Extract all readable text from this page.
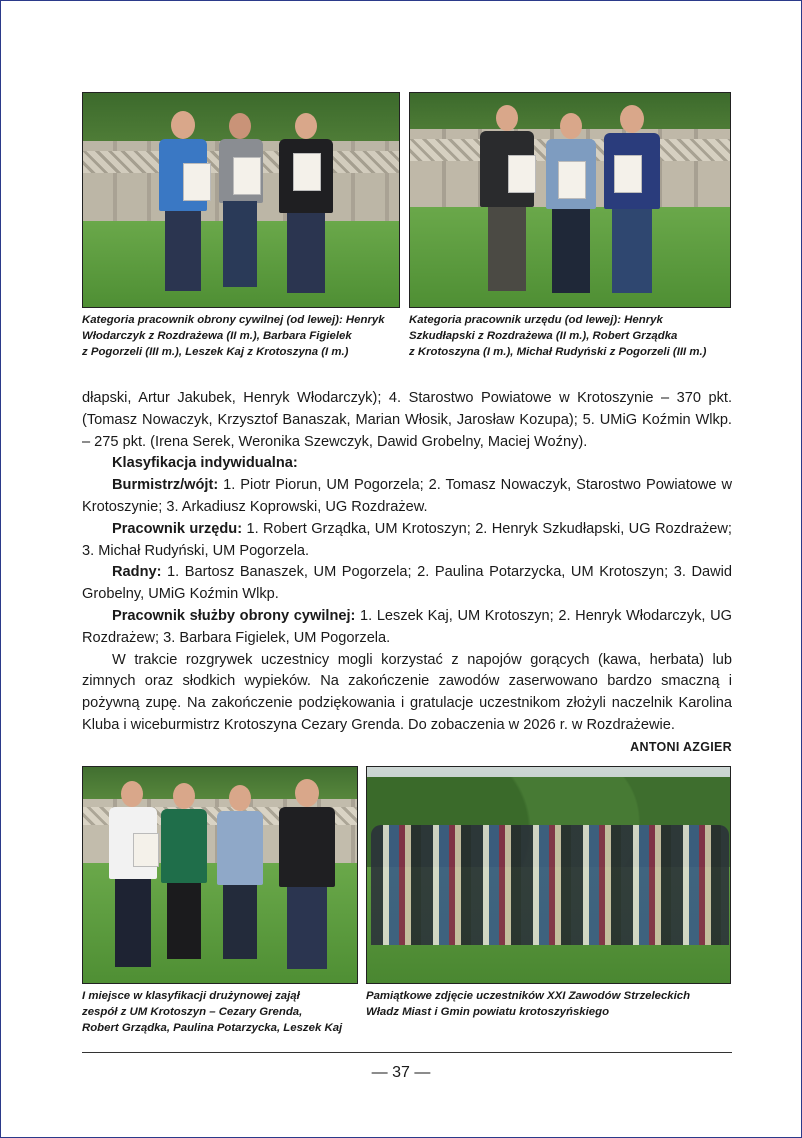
Kategoria pracownik obrony cywilnej (od lewej): Henryk
Włodarczyk z Rozdrażewa (II m.), Barbara Figielek
z Pogorzeli (III m.), Leszek Kaj z Krotoszyna (I m.)

Kategoria pracownik urzędu (od lewej): Henryk
Szkudłapski z Rozdrażewa (II m.), Robert Grządka
z Krotoszyna (I m.), Michał Rudyński z Pogorzeli (III m.)

dłapski, Artur Jakubek, Henryk Włodarczyk); 4. Starostwo Powiatowe w Krotoszynie – 370 pkt. (Tomasz Nowaczyk, Krzysztof Banaszak, Marian Włosik, Jarosław Kozupa); 5. UMiG Koźmin Wlkp. – 275 pkt. (Irena Serek, Weronika Szewczyk, Dawid Grobelny, Maciej Woźny).

Klasyfikacja indywidualna:

Burmistrz/wójt: 1. Piotr Piorun, UM Pogorzela; 2. Tomasz Nowaczyk, Starostwo Powiatowe w Krotoszynie; 3. Arkadiusz Koprowski, UG Rozdrażew.

Pracownik urzędu: 1. Robert Grządka, UM Krotoszyn; 2. Henryk Szkudłapski, UG Rozdrażew; 3. Michał Rudyński, UM Pogorzela.

Radny: 1. Bartosz Banaszek, UM Pogorzela; 2. Paulina Potarzycka, UM Krotoszyn; 3. Dawid Grobelny, UMiG Koźmin Wlkp.

Pracownik służby obrony cywilnej: 1. Leszek Kaj, UM Krotoszyn; 2. Henryk Włodarczyk, UG Rozdrażew; 3. Barbara Figielek, UM Pogorzela.

W trakcie rozgrywek uczestnicy mogli korzystać z napojów gorących (kawa, herbata) lub zimnych oraz słodkich wypieków. Na zakończenie zawodów zaserwowano bardzo smaczną i pożywną zupę. Na zakończenie podziękowania i gratulacje uczestnikom złożyli naczelnik Karolina Kluba i wiceburmistrz Krotoszyna Cezary Grenda. Do zobaczenia w 2026 r. w Rozdrażewie.

ANTONI AZGIER

I miejsce w klasyfikacji drużynowej zajął
zespół z UM Krotoszyn – Cezary Grenda,
Robert Grządka, Paulina Potarzycka, Leszek Kaj

Pamiątkowe zdjęcie uczestników XXI Zawodów Strzeleckich
Władz Miast i Gmin powiatu krotoszyńskiego

— 37 —
